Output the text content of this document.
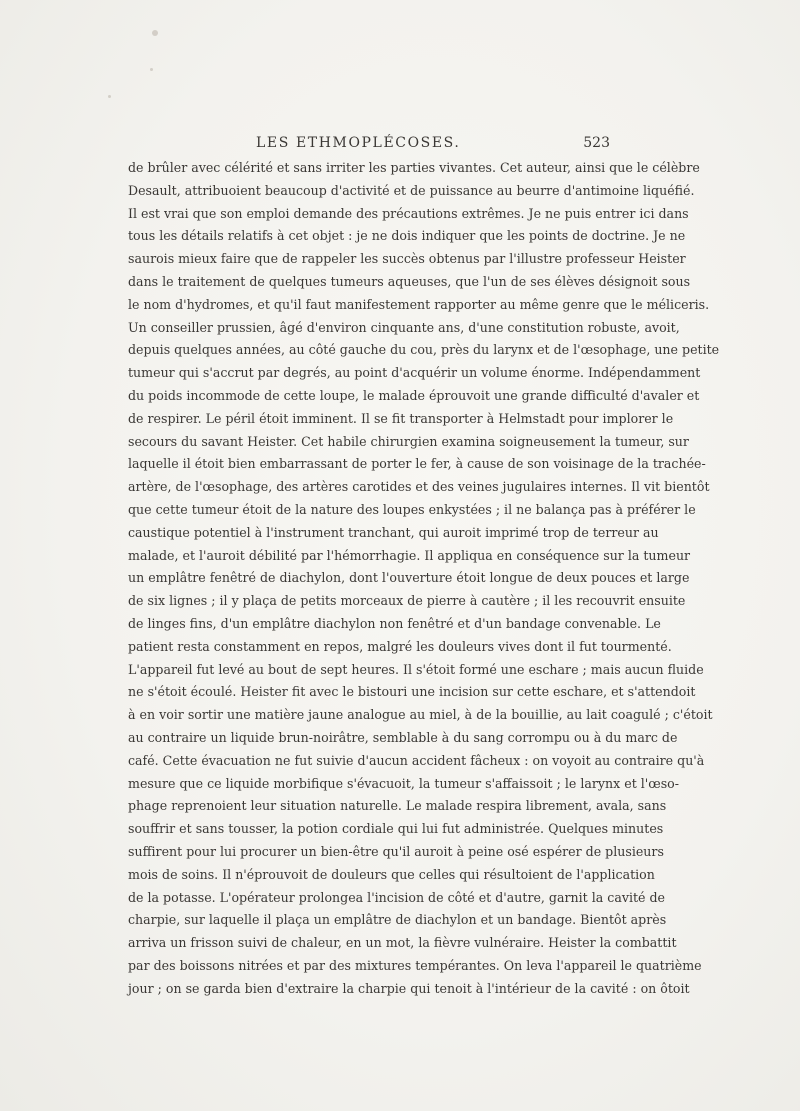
LES ETHMOPLÉCOSES.	523
de brûler avec célérité et sans irriter les parties vivantes. Cet auteur, ainsi que le célèbre
Desault, attribuoient beaucoup d'activité et de puissance au beurre d'antimoine liquéfié.
Il est vrai que son emploi demande des précautions extrêmes. Je ne puis entrer ici dans
tous les détails relatifs à cet objet : je ne dois indiquer que les points de doctrine. Je ne
saurois mieux faire que de rappeler les succès obtenus par l'illustre professeur Heister
dans le traitement de quelques tumeurs aqueuses, que l'un de ses élèves désignoit sous
le nom d'hydromes, et qu'il faut manifestement rapporter au même genre que le méliceris.
Un conseiller prussien, âgé d'environ cinquante ans, d'une constitution robuste, avoit,
depuis quelques années, au côté gauche du cou, près du larynx et de l'œsophage, une petite
tumeur qui s'accrut par degrés, au point d'acquérir un volume énorme. Indépendamment
du poids incommode de cette loupe, le malade éprouvoit une grande difficulté d'avaler et
de respirer. Le péril étoit imminent. Il se fit transporter à Helmstadt pour implorer le
secours du savant Heister. Cet habile chirurgien examina soigneusement la tumeur, sur
laquelle il étoit bien embarrassant de porter le fer, à cause de son voisinage de la trachée-
artère, de l'œsophage, des artères carotides et des veines jugulaires internes. Il vit bientôt
que cette tumeur étoit de la nature des loupes enkystées ; il ne balança pas à préférer le
caustique potentiel à l'instrument tranchant, qui auroit imprimé trop de terreur au
malade, et l'auroit débilité par l'hémorrhagie. Il appliqua en conséquence sur la tumeur
un emplâtre fenêtré de diachylon, dont l'ouverture étoit longue de deux pouces et large
de six lignes ; il y plaça de petits morceaux de pierre à cautère ; il les recouvrit ensuite
de linges fins, d'un emplâtre diachylon non fenêtré et d'un bandage convenable. Le
patient resta constamment en repos, malgré les douleurs vives dont il fut tourmenté.
L'appareil fut levé au bout de sept heures. Il s'étoit formé une eschare ; mais aucun fluide
ne s'étoit écoulé. Heister fit avec le bistouri une incision sur cette eschare, et s'attendoit
à en voir sortir une matière jaune analogue au miel, à de la bouillie, au lait coagulé ; c'étoit
au contraire un liquide brun-noirâtre, semblable à du sang corrompu ou à du marc de
café. Cette évacuation ne fut suivie d'aucun accident fâcheux : on voyoit au contraire qu'à
mesure que ce liquide morbifique s'évacuoit, la tumeur s'affaissoit ; le larynx et l'œso-
phage reprenoient leur situation naturelle. Le malade respira librement, avala, sans
souffrir et sans tousser, la potion cordiale qui lui fut administrée. Quelques minutes
suffirent pour lui procurer un bien-être qu'il auroit à peine osé espérer de plusieurs
mois de soins. Il n'éprouvoit de douleurs que celles qui résultoient de l'application
de la potasse. L'opérateur prolongea l'incision de côté et d'autre, garnit la cavité de
charpie, sur laquelle il plaça un emplâtre de diachylon et un bandage. Bientôt après
arriva un frisson suivi de chaleur, en un mot, la fièvre vulnéraire. Heister la combattit
par des boissons nitrées et par des mixtures tempérantes. On leva l'appareil le quatrième
jour ; on se garda bien d'extraire la charpie qui tenoit à l'intérieur de la cavité : on ôtoit
